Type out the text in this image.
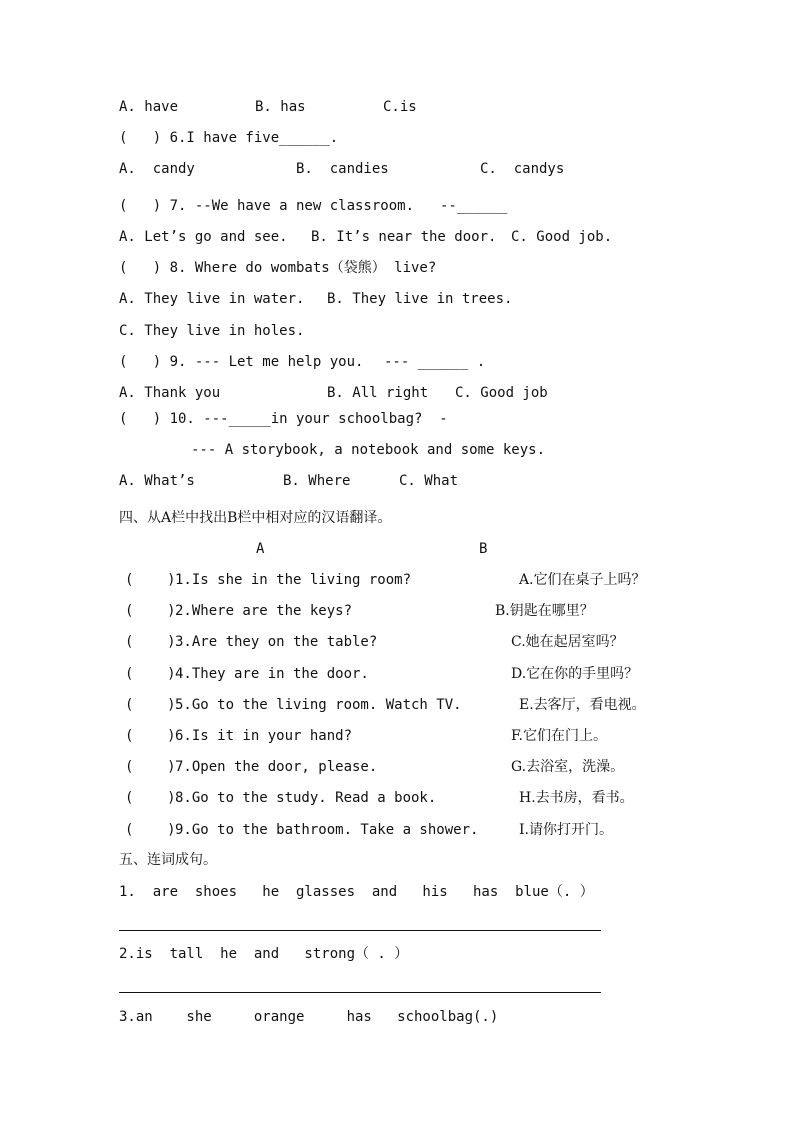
A. have	B. has	C.is
(   ) 6.I have five______.
A.  candy	B.  candies	C.  candys
(   ) 7. --We have a new classroom. --______
A. Let’s go and see. B. It’s near the door. C. Good job.
(   ) 8. Where do wombats（袋熊） live?
A. They live in water. B. They live in trees.
C. They live in holes.
(   ) 9. --- Let me help you. --- ______ .
A. Thank you	B. All right C. Good job
(   ) 10. ---_____in your schoolbag?  -
--- A storybook, a notebook and some keys.
A. What’s	B. Where	C. What
四、从A栏中找出B栏中相对应的汉语翻译。
A	B
(    ) 1.Is she in the living room?	A.它们在桌子上吗？
(    ) 2.Where are the keys?	B.钥匙在哪里？
(    ) 3.Are they on the table?	C.她在起居室吗？
(    ) 4.They are in the door.	D.它在你的手里吗？
(    ) 5.Go to the living room. Watch TV.	E.去客厅，看电视。
(    ) 6.Is it in your hand?	F.它们在门上。
(    ) 7.Open the door, please.	G.去浴室，洗澡。
(    ) 8.Go to the study. Read a book.	H.去书房，看书。
(    ) 9.Go to the bathroom. Take a shower.	I.请你打开门。
五、连词成句。
1.  are  shoes   he  glasses  and   his   has  blue（. ）
2.is  tall  he  and   strong（ . ）
3.an    she     orange     has   schoolbag(.)
